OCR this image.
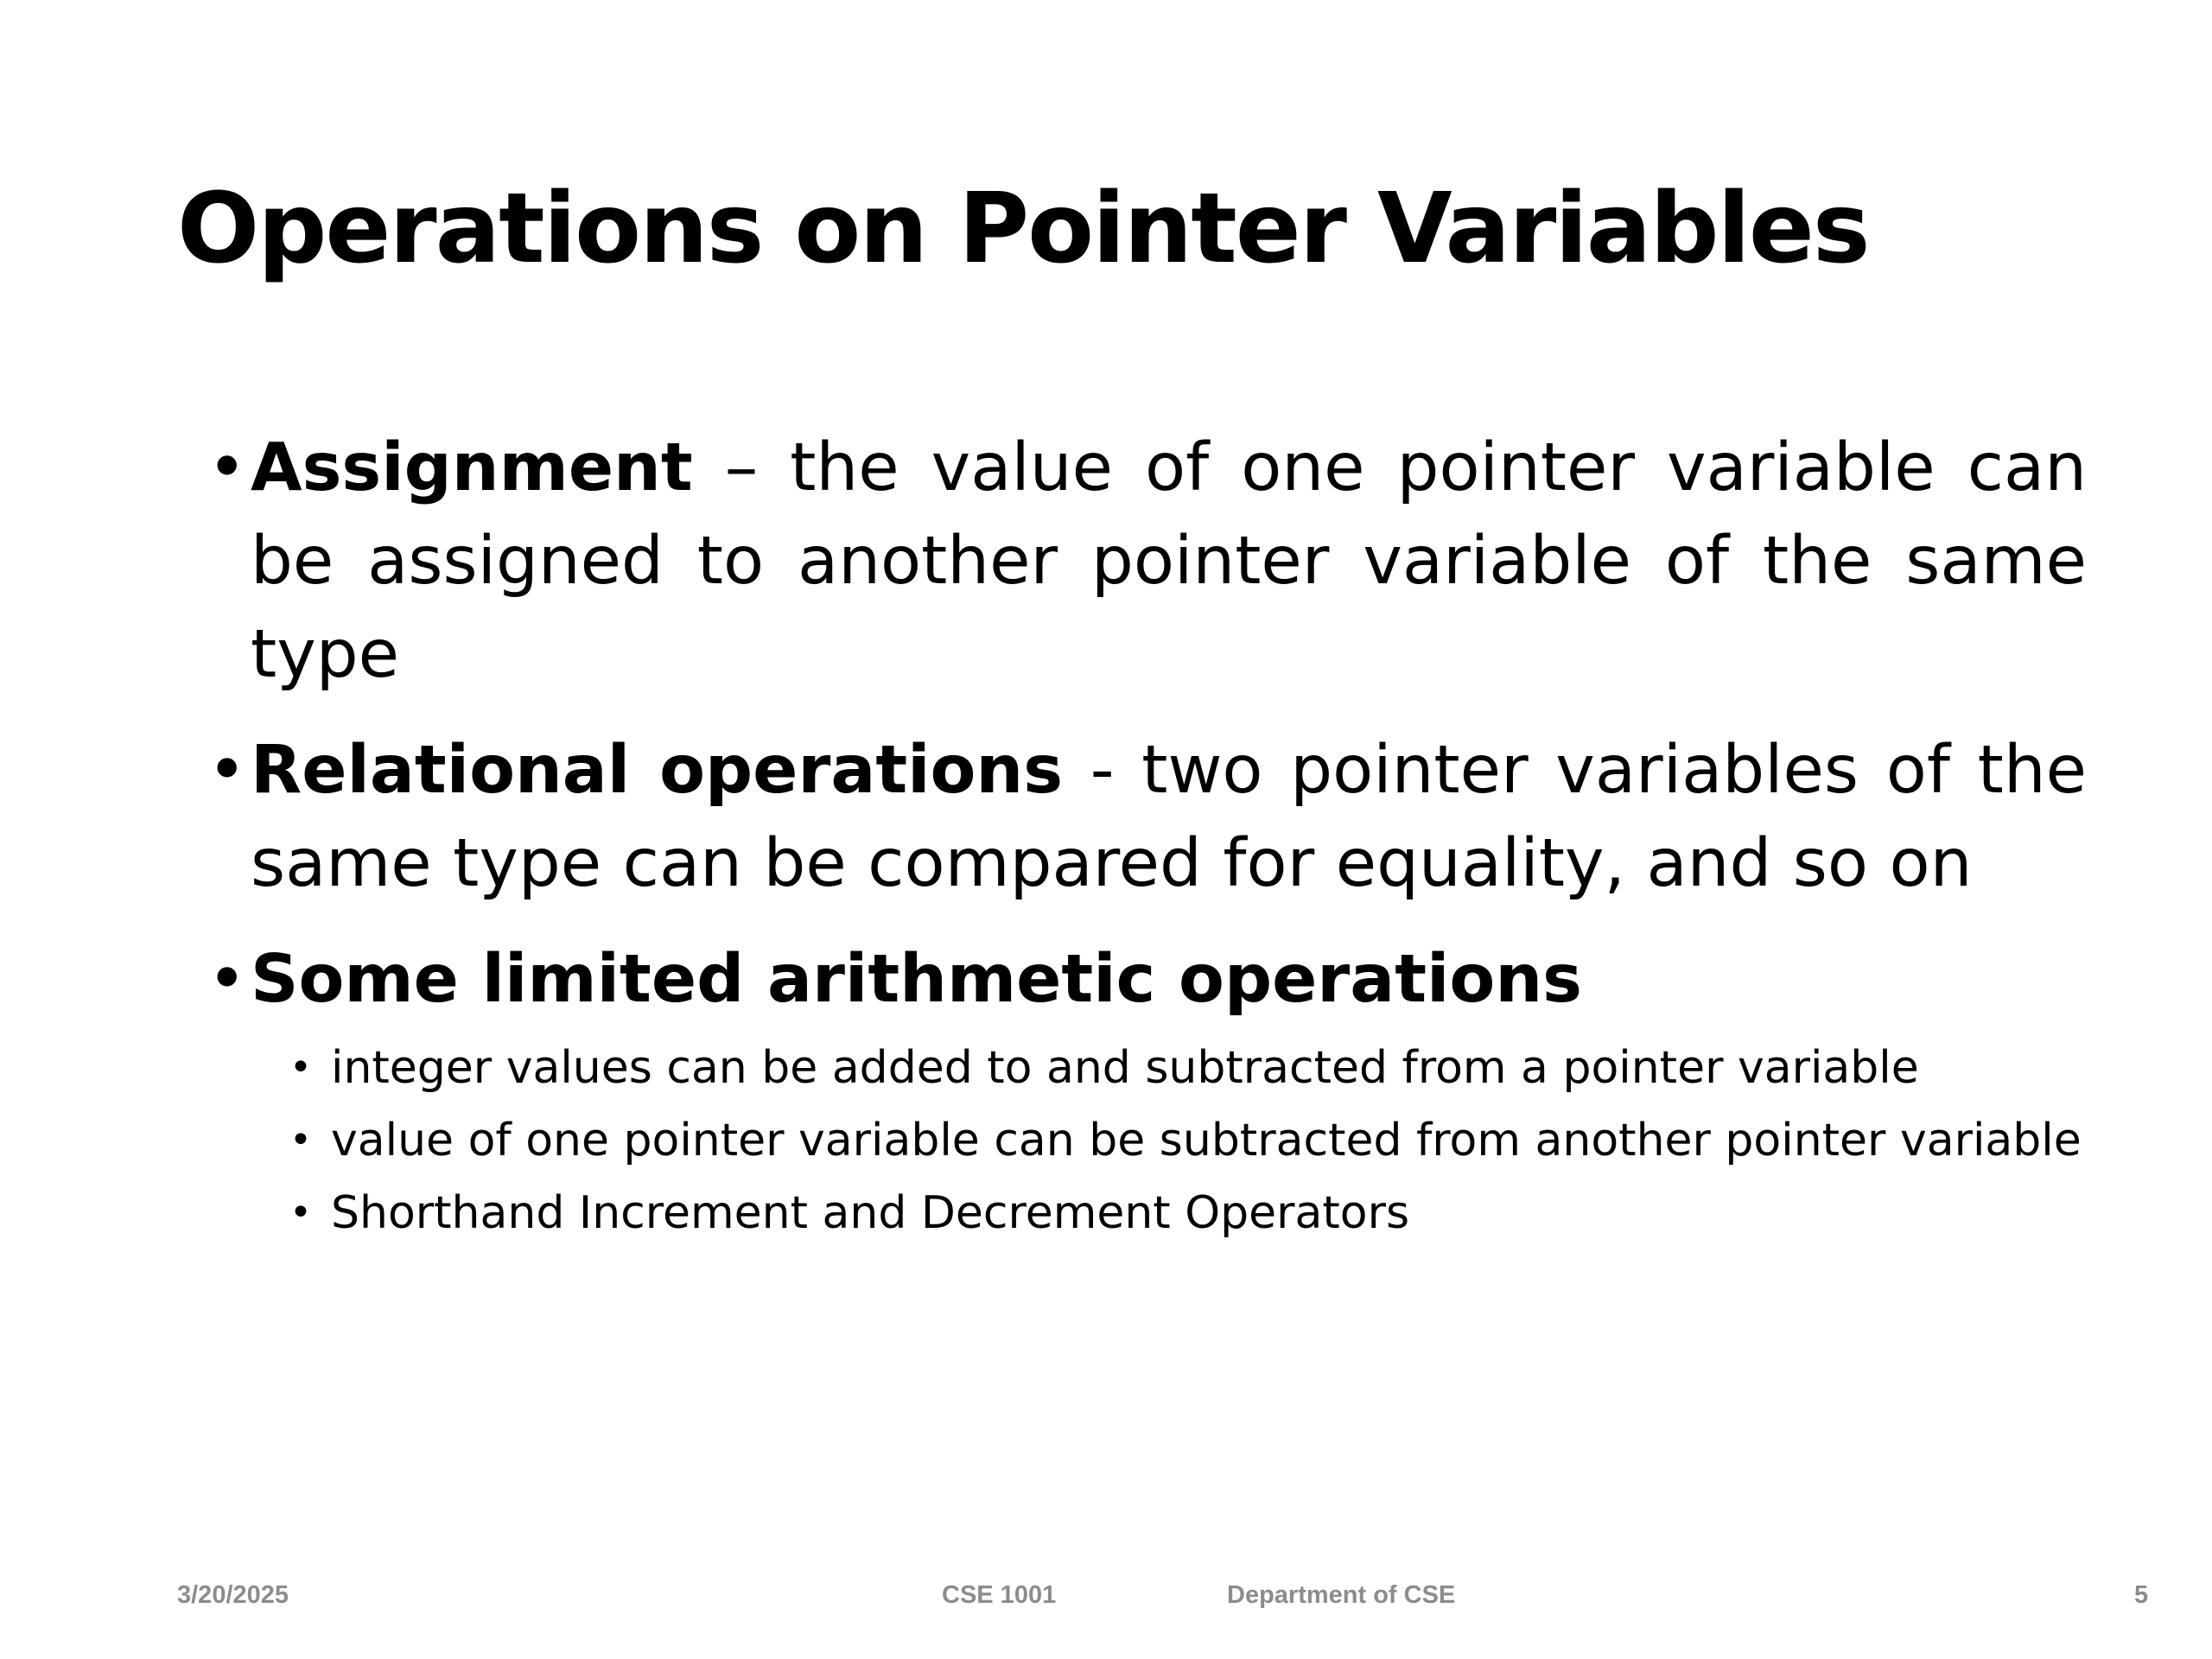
Operations on Pointer Variables
• Assignment – the value of one pointer variable can be assigned to another pointer variable of the same type
• Relational operations - two pointer variables of the same type can be compared for equality, and so on
• Some limited arithmetic operations
• integer values can be added to and subtracted from a pointer variable
• value of one pointer variable can be subtracted from another pointer variable
• Shorthand Increment and Decrement Operators
3/20/2025	CSE 1001	Department of CSE	5
